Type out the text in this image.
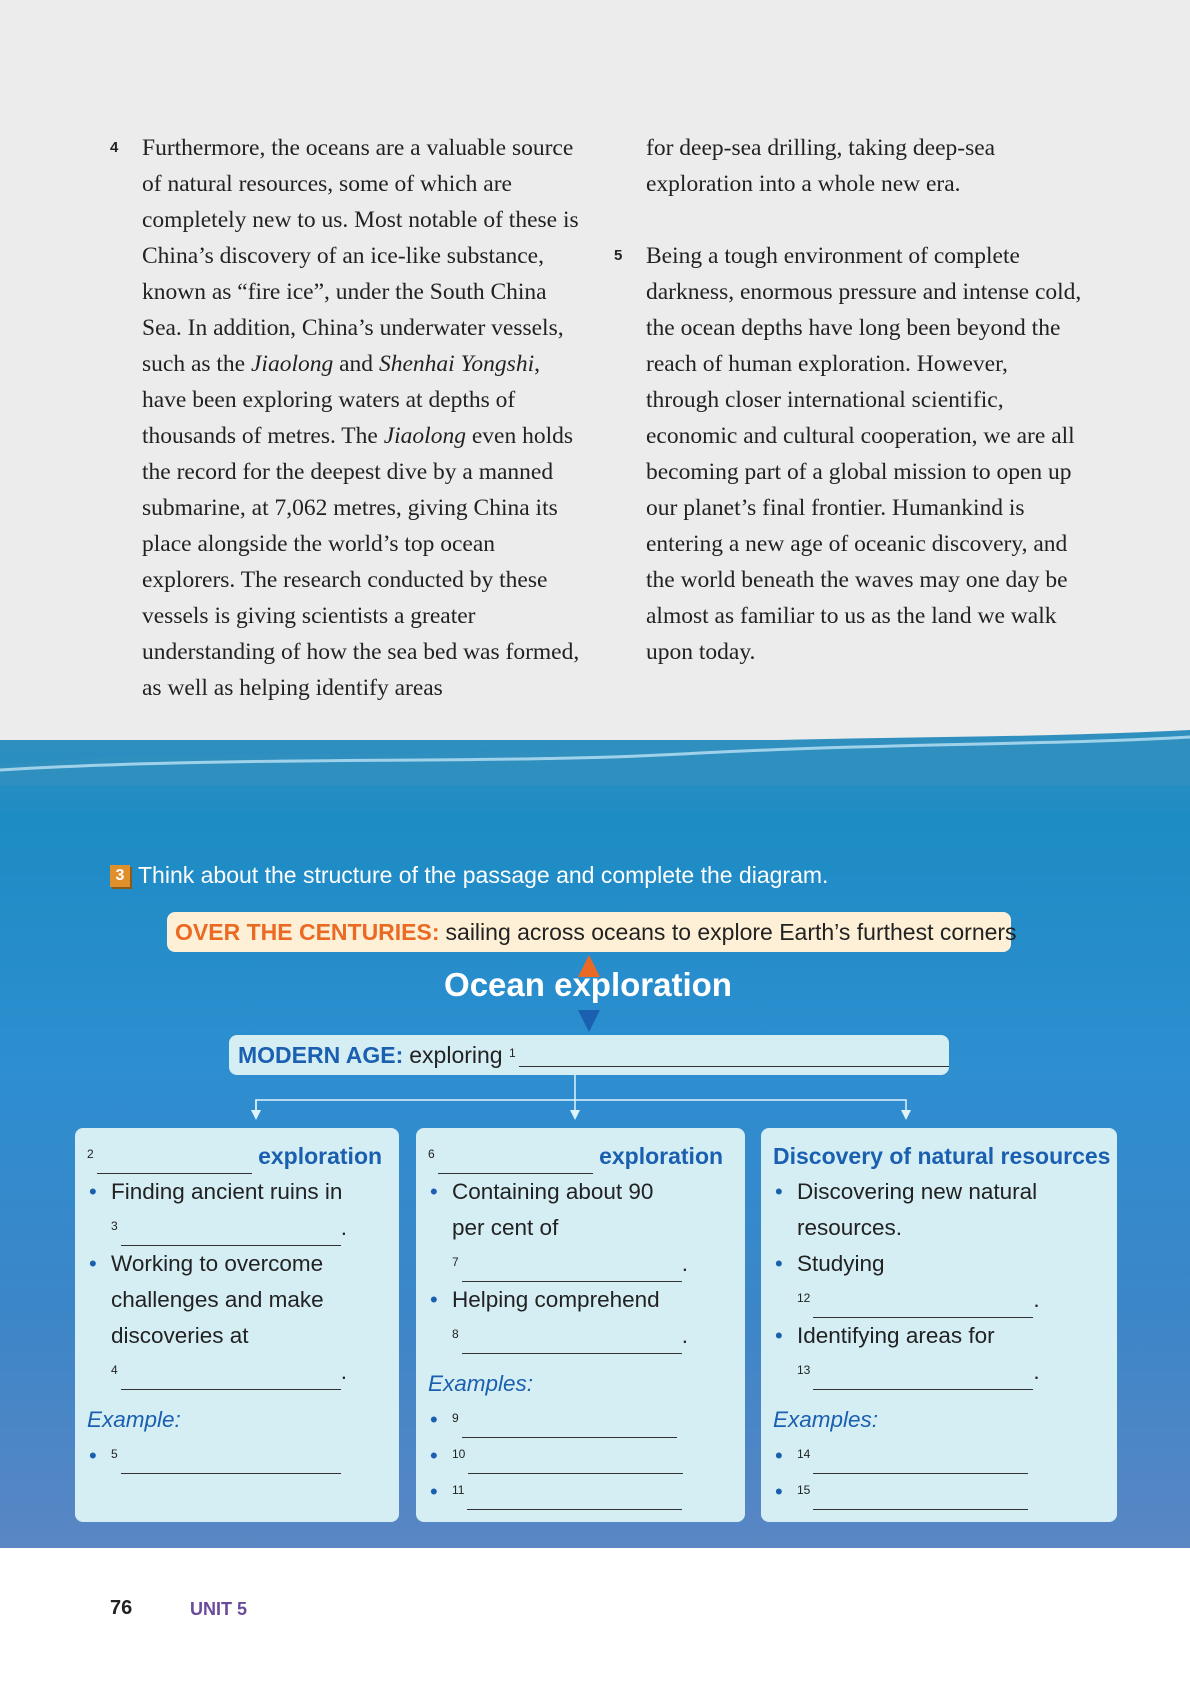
4 Furthermore, the oceans are a valuable source of natural resources, some of which are completely new to us. Most notable of these is China’s discovery of an ice-like substance, known as “fire ice”, under the South China Sea. In addition, China’s underwater vessels, such as the Jiaolong and Shenhai Yongshi, have been exploring waters at depths of thousands of metres. The Jiaolong even holds the record for the deepest dive by a manned submarine, at 7,062 metres, giving China its place alongside the world’s top ocean explorers. The research conducted by these vessels is giving scientists a greater understanding of how the sea bed was formed, as well as helping identify areas

for deep-sea drilling, taking deep-sea exploration into a whole new era.

5 Being a tough environment of complete darkness, enormous pressure and intense cold, the ocean depths have long been beyond the reach of human exploration. However, through closer international scientific, economic and cultural cooperation, we are all becoming part of a global mission to open up our planet’s final frontier. Humankind is entering a new age of oceanic discovery, and the world beneath the waves may one day be almost as familiar to us as the land we walk upon today.

3 Think about the structure of the passage and complete the diagram.
OVER THE CENTURIES: sailing across oceans to explore Earth’s furthest corners
Ocean exploration
MODERN AGE: exploring
$^1$
$^2$	exploration
• Finding ancient ruins in
$^3$	.
• Working to overcome challenges and make discoveries at
$^4$	.
Example:
• $^5$
$^6$	exploration
• Containing about 90 per cent of
$^7$	.
• Helping comprehend
$^8$	.
Examples:
• $^9$
• $^{10}$
• $^{11}$
Discovery of natural resources
• Discovering new natural resources.
• Studying
$^{12}$	.
• Identifying areas for
$^{13}$	.
Examples:
• $^{14}$
• $^{15}$
76	UNIT 5
